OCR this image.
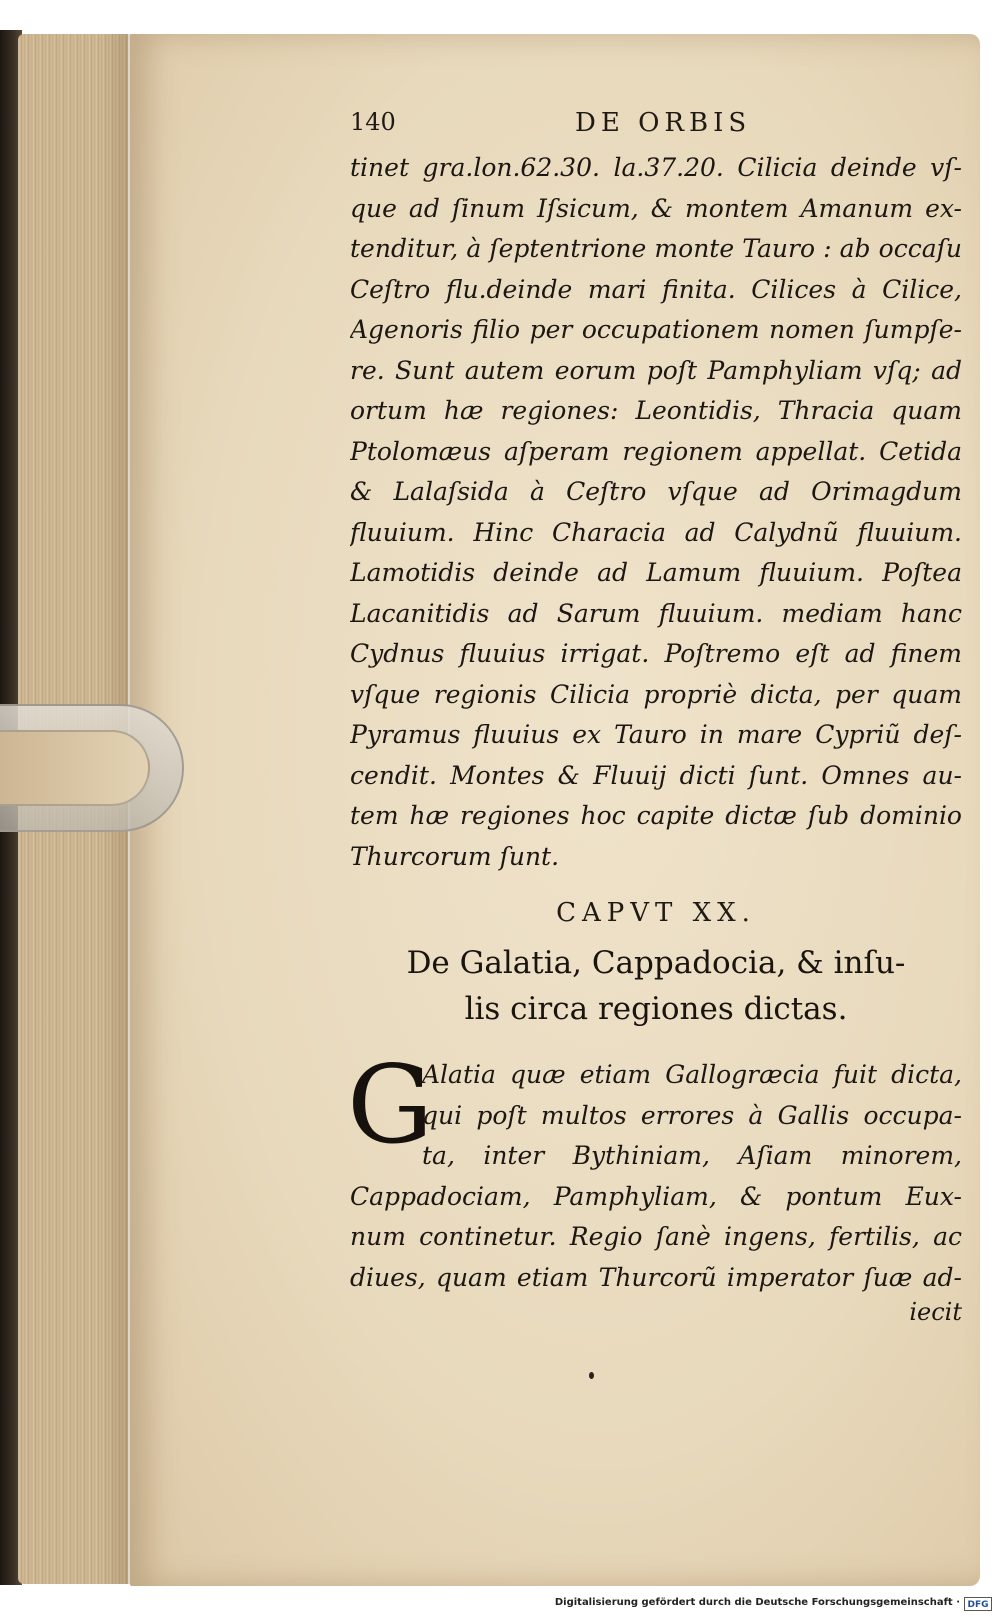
140	DE ORBIS
tinet gra.lon.62.30. la.37.20. Cilicia deinde vſ-
que ad ſinum Iſsicum, & montem Amanum ex-
tenditur, à ſeptentrione monte Tauro : ab occaſu
Ceſtro flu.deinde mari finita. Cilices à Cilice,
Agenoris filio per occupationem nomen ſumpſe-
re. Sunt autem eorum poſt Pamphyliam vſq; ad
ortum hæ regiones: Leontidis, Thracia quam
Ptolomæus aſperam regionem appellat. Cetida
& Lalaſsida à Ceſtro vſque ad Orimagdum
fluuium. Hinc Characia ad Calydnũ fluuium.
Lamotidis deinde ad Lamum fluuium. Poſtea
Lacanitidis ad Sarum fluuium. mediam hanc
Cydnus fluuius irrigat. Poſtremo eſt ad finem
vſque regionis Cilicia propriè dicta, per quam
Pyramus fluuius ex Tauro in mare Cypriũ deſ-
cendit. Montes & Fluuij dicti ſunt. Omnes au-
tem hæ regiones hoc capite dictæ ſub dominio
Thurcorum ſunt.
CAPVT XX.
De Galatia, Cappadocia, & inſu-
lis circa regiones dictas.
G
Alatia quæ etiam Gallogræcia fuit dicta,
qui poſt multos errores à Gallis occupa-
ta, inter Bythiniam, Aſiam minorem,
Cappadociam, Pamphyliam, & pontum Eux-
num continetur. Regio ſanè ingens, fertilis, ac
diues, quam etiam Thurcorũ imperator ſuæ ad-
iecit
Digitalisierung gefördert durch die Deutsche Forschungsgemeinschaft · DFG
